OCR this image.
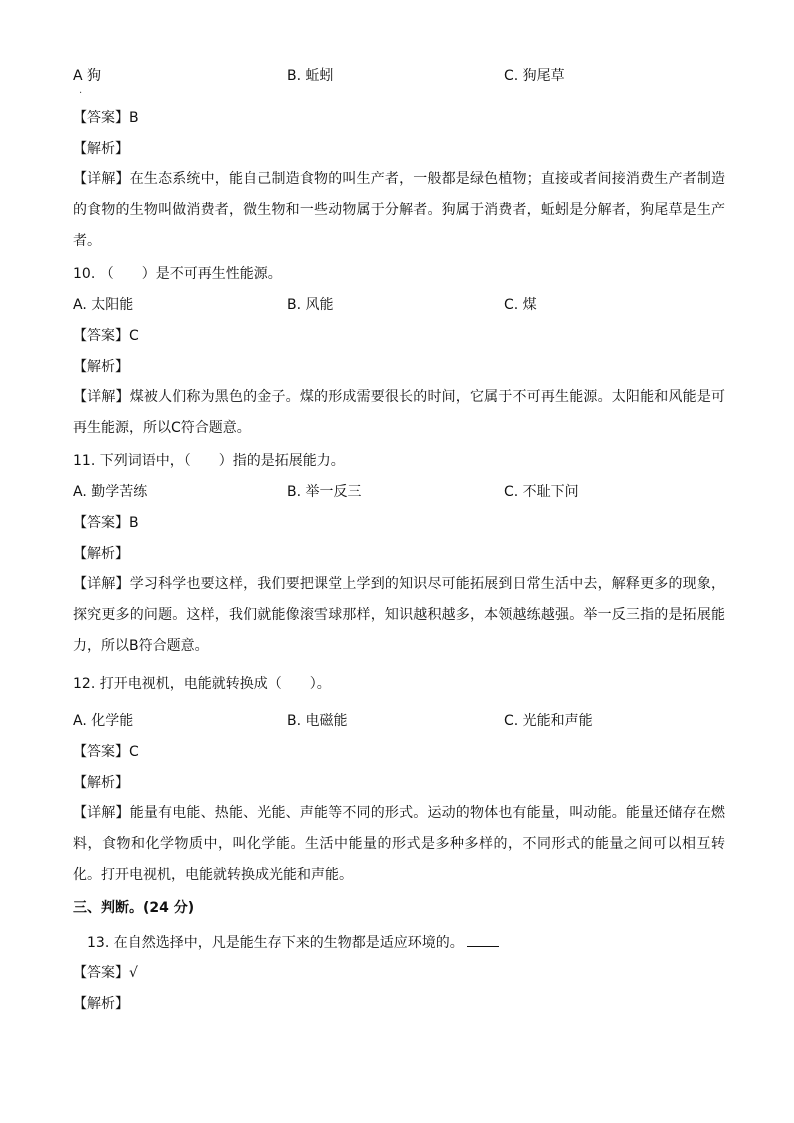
A 狗	B. 蚯蚓	C. 狗尾草
·
【答案】B
【解析】
【详解】在生态系统中，能自己制造食物的叫生产者，一般都是绿色植物；直接或者间接消费生产者制造的食物的生物叫做消费者，微生物和一些动物属于分解者。狗属于消费者，蚯蚓是分解者，狗尾草是生产者。
10. （　　）是不可再生性能源。
A. 太阳能	B. 风能	C. 煤
【答案】C
【解析】
【详解】煤被人们称为黑色的金子。煤的形成需要很长的时间，它属于不可再生能源。太阳能和风能是可再生能源，所以C符合题意。
11. 下列词语中，（　　）指的是拓展能力。
A. 勤学苦练	B. 举一反三	C. 不耻下问
【答案】B
【解析】
【详解】学习科学也要这样，我们要把课堂上学到的知识尽可能拓展到日常生活中去，解释更多的现象，探究更多的问题。这样，我们就能像滚雪球那样，知识越积越多，本领越练越强。举一反三指的是拓展能力，所以B符合题意。
12. 打开电视机，电能就转换成（　　）。
A. 化学能	B. 电磁能	C. 光能和声能
【答案】C
【解析】
【详解】能量有电能、热能、光能、声能等不同的形式。运动的物体也有能量，叫动能。能量还储存在燃料，食物和化学物质中，叫化学能。生活中能量的形式是多种多样的，不同形式的能量之间可以相互转化。打开电视机，电能就转换成光能和声能。
三、判断。(24 分)
13. 在自然选择中，凡是能生存下来的生物都是适应环境的。
【答案】√
【解析】
